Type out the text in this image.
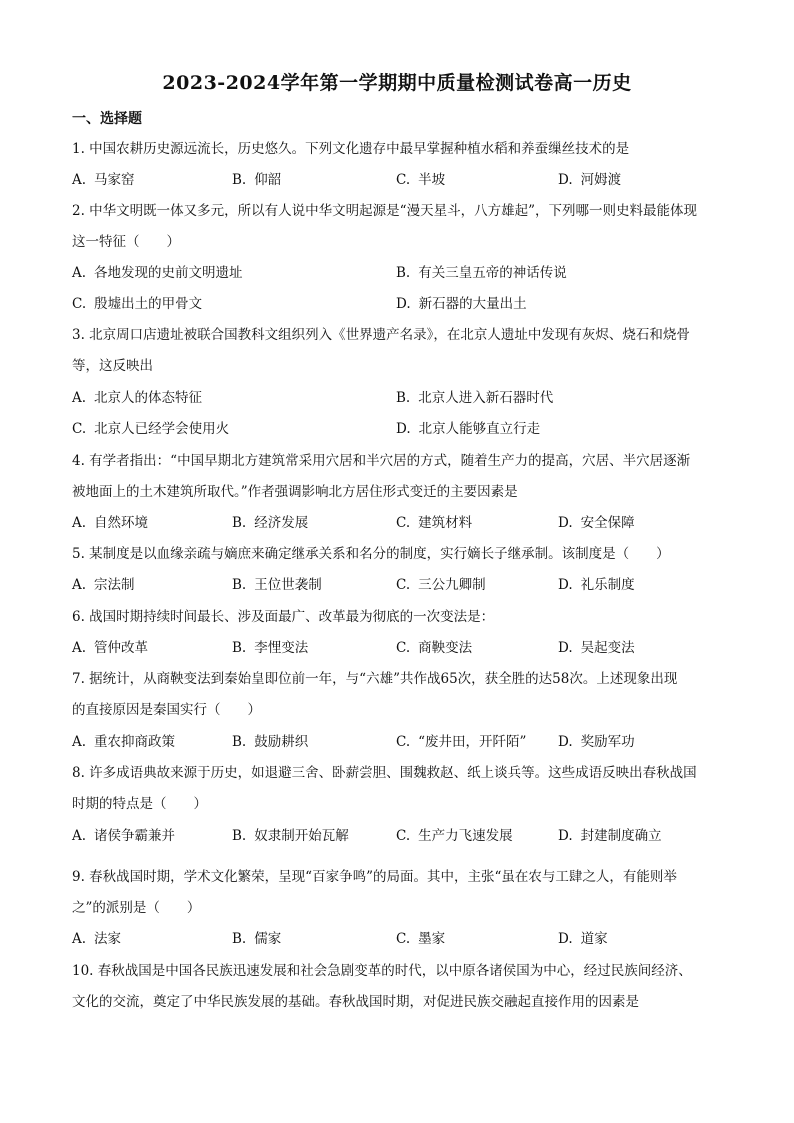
2023-2024学年第一学期期中质量检测试卷高一历史
一、选择题
1. 中国农耕历史源远流长，历史悠久。下列文化遗存中最早掌握种植水稻和养蚕缫丝技术的是
A. 马家窑	B. 仰韶	C. 半坡	D. 河姆渡
2. 中华文明既一体又多元，所以有人说中华文明起源是“漫天星斗，八方雄起”，下列哪一则史料最能体现
这一特征（　　）
A. 各地发现的史前文明遗址	B. 有关三皇五帝的神话传说
C. 殷墟出土的甲骨文	D. 新石器的大量出土
3. 北京周口店遗址被联合国教科文组织列入《世界遗产名录》，在北京人遗址中发现有灰烬、烧石和烧骨
等，这反映出
A. 北京人的体态特征	B. 北京人进入新石器时代
C. 北京人已经学会使用火	D. 北京人能够直立行走
4. 有学者指出：“中国早期北方建筑常采用穴居和半穴居的方式，随着生产力的提高，穴居、半穴居逐渐
被地面上的土木建筑所取代。”作者强调影响北方居住形式变迁的主要因素是
A. 自然环境	B. 经济发展	C. 建筑材料	D. 安全保障
5. 某制度是以血缘亲疏与嫡庶来确定继承关系和名分的制度，实行嫡长子继承制。该制度是（　　）
A. 宗法制	B. 王位世袭制	C. 三公九卿制	D. 礼乐制度
6. 战国时期持续时间最长、涉及面最广、改革最为彻底的一次变法是：
A. 管仲改革	B. 李悝变法	C. 商鞅变法	D. 吴起变法
7. 据统计，从商鞅变法到秦始皇即位前一年，与“六雄”共作战65次，获全胜的达58次。上述现象出现
的直接原因是秦国实行（　　）
A. 重农抑商政策	B. 鼓励耕织	C. “废井田，开阡陌” D. 奖励军功
8. 许多成语典故来源于历史，如退避三舍、卧薪尝胆、围魏救赵、纸上谈兵等。这些成语反映出春秋战国
时期的特点是（　　）
A. 诸侯争霸兼并	B. 奴隶制开始瓦解	C. 生产力飞速发展	D. 封建制度确立
9. 春秋战国时期，学术文化繁荣，呈现“百家争鸣”的局面。其中，主张“虽在农与工肆之人，有能则举
之”的派别是（　　）
A. 法家	B. 儒家	C. 墨家	D. 道家
10. 春秋战国是中国各民族迅速发展和社会急剧变革的时代，以中原各诸侯国为中心，经过民族间经济、
文化的交流，奠定了中华民族发展的基础。春秋战国时期，对促进民族交融起直接作用的因素是
